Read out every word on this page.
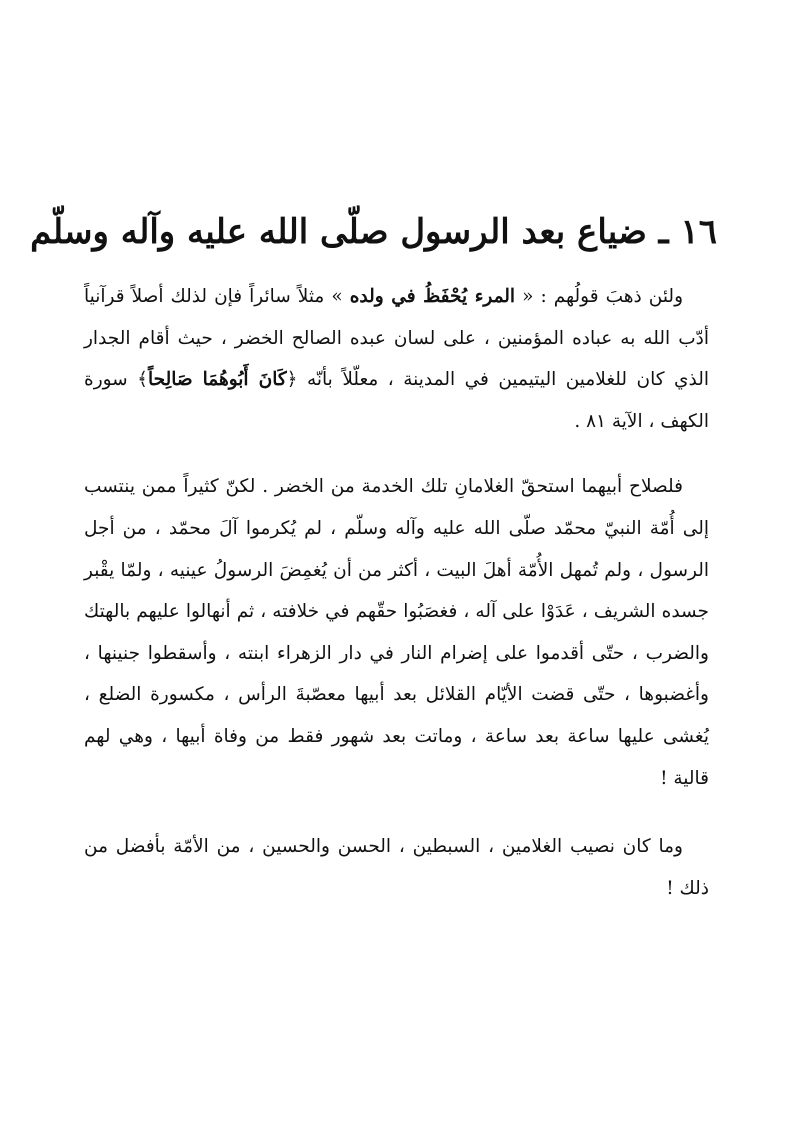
١٦ ـ ضياع بعد الرسول صلّى الله عليه وآله وسلّم

ولئن ذهبَ قولُهم : « المرء يُحْفَظُ في ولده » مثلاً سائراً فإن لذلك أصلاً قرآنياً أدّب الله به عباده المؤمنين ، على لسان عبده الصالح الخضر ، حيث أقام الجدار الذي كان للغلامين اليتيمين في المدينة ، معلّلاً بأنّه ﴿كَانَ أَبُوهُمَا صَالِحاً﴾ سورة الكهف ، الآية ٨١ .

فلصلاح أبيهما استحقّ الغلامانِ تلك الخدمة من الخضر . لكنّ كثيراً ممن ينتسب إلى أُمّة النبيّ محمّد صلّى الله عليه وآله وسلّم ، لم يُكرموا آلَ محمّد ، من أجل الرسول ، ولم تُمهل الأُمّة أهلَ البيت ، أكثر من أن يُغمِضَ الرسولُ عينيه ، ولمّا يقْبر جسده الشريف ، عَدَوْا على آله ، فغصَبُوا حقّهم في خلافته ، ثم أنهالوا عليهم بالهتك والضرب ، حتّى أقدموا على إضرام النار في دار الزهراء ابنته ، وأسقطوا جنينها ، وأغضبوها ، حتّى قضت الأيّام القلائل بعد أبيها معصّبةَ الرأس ، مكسورة الضلع ، يُغشى عليها ساعة بعد ساعة ، وماتت بعد شهور فقط من وفاة أبيها ، وهي لهم قالية !

وما كان نصيب الغلامين ، السبطين ، الحسن والحسين ، من الأمّة بأفضل من ذلك !
